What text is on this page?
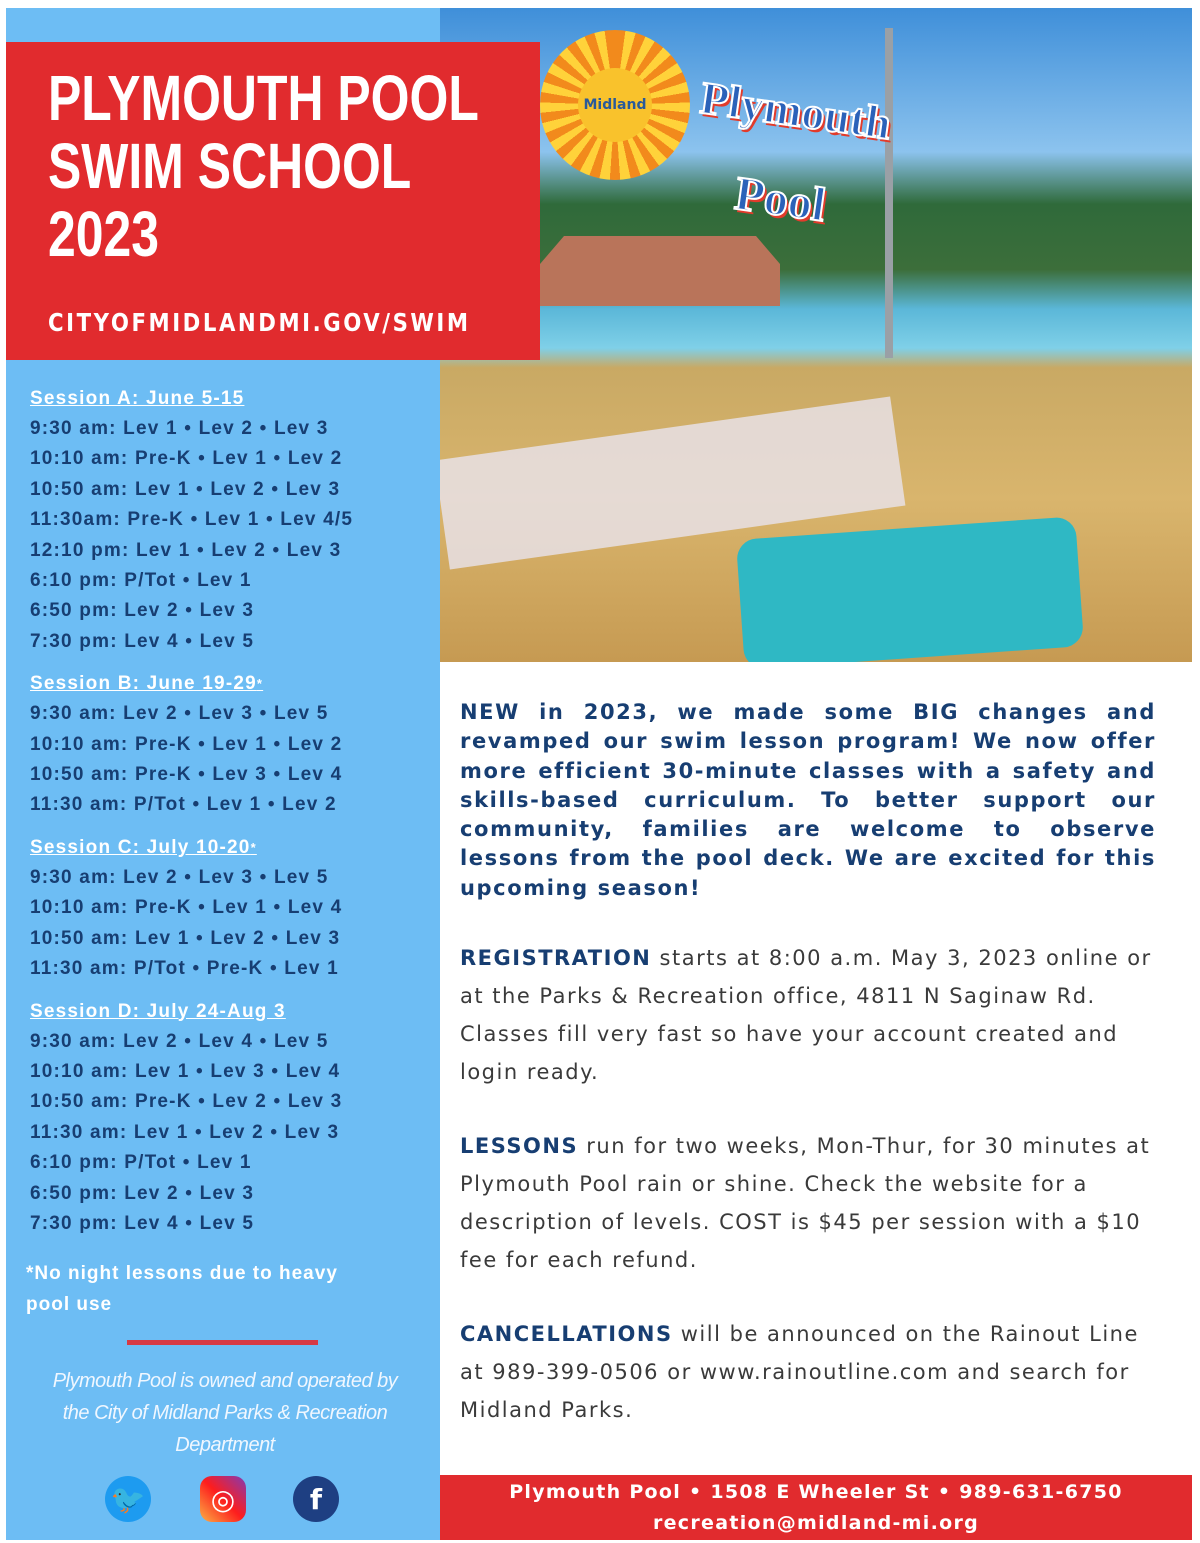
Midland Plymouth
Pool
PLYMOUTH POOL
SWIM SCHOOL
2023
CITYOFMIDLANDMI.GOV/SWIM
Session A: June 5-15
9:30 am: Lev 1 • Lev 2 • Lev 3
10:10 am: Pre-K • Lev 1 • Lev 2
10:50 am: Lev 1 • Lev 2 • Lev 3
11:30am: Pre-K • Lev 1 • Lev 4/5
12:10 pm: Lev 1 • Lev 2 • Lev 3
6:10 pm: P/Tot • Lev 1
6:50 pm: Lev 2 • Lev 3
7:30 pm: Lev 4 • Lev 5
Session B: June 19-29*
9:30 am: Lev 2 • Lev 3 • Lev 5
10:10 am: Pre-K • Lev 1 • Lev 2
10:50 am: Pre-K • Lev 3 • Lev 4
11:30 am: P/Tot • Lev 1 • Lev 2
Session C: July 10-20*
9:30 am: Lev 2 • Lev 3 • Lev 5
10:10 am: Pre-K • Lev 1 • Lev 4
10:50 am: Lev 1 • Lev 2 • Lev 3
11:30 am: P/Tot • Pre-K • Lev 1
Session D: July 24-Aug 3
9:30 am: Lev 2 • Lev 4 • Lev 5
10:10 am: Lev 1 • Lev 3 • Lev 4
10:50 am: Pre-K • Lev 2 • Lev 3
11:30 am: Lev 1 • Lev 2 • Lev 3
6:10 pm: P/Tot • Lev 1
6:50 pm: Lev 2 • Lev 3
7:30 pm: Lev 4 • Lev 5
*No night lessons due to heavy pool use
Plymouth Pool is owned and operated by the City of Midland Parks & Recreation Department
🐦	◎	f

NEW in 2023, we made some BIG changes and revamped our swim lesson program! We now offer more efficient 30-minute classes with a safety and skills-based curriculum. To better support our community, families are welcome to observe lessons from the pool deck. We are excited for this upcoming season!

REGISTRATION starts at 8:00 a.m. May 3, 2023 online or at the Parks & Recreation office, 4811 N Saginaw Rd. Classes fill very fast so have your account created and login ready.

LESSONS run for two weeks, Mon-Thur, for 30 minutes at Plymouth Pool rain or shine. Check the website for a description of levels. COST is $45 per session with a $10 fee for each refund.

CANCELLATIONS will be announced on the Rainout Line at 989-399-0506 or www.rainoutline.com and search for Midland Parks.

Plymouth Pool • 1508 E Wheeler St • 989-631-6750
recreation@midland-mi.org
